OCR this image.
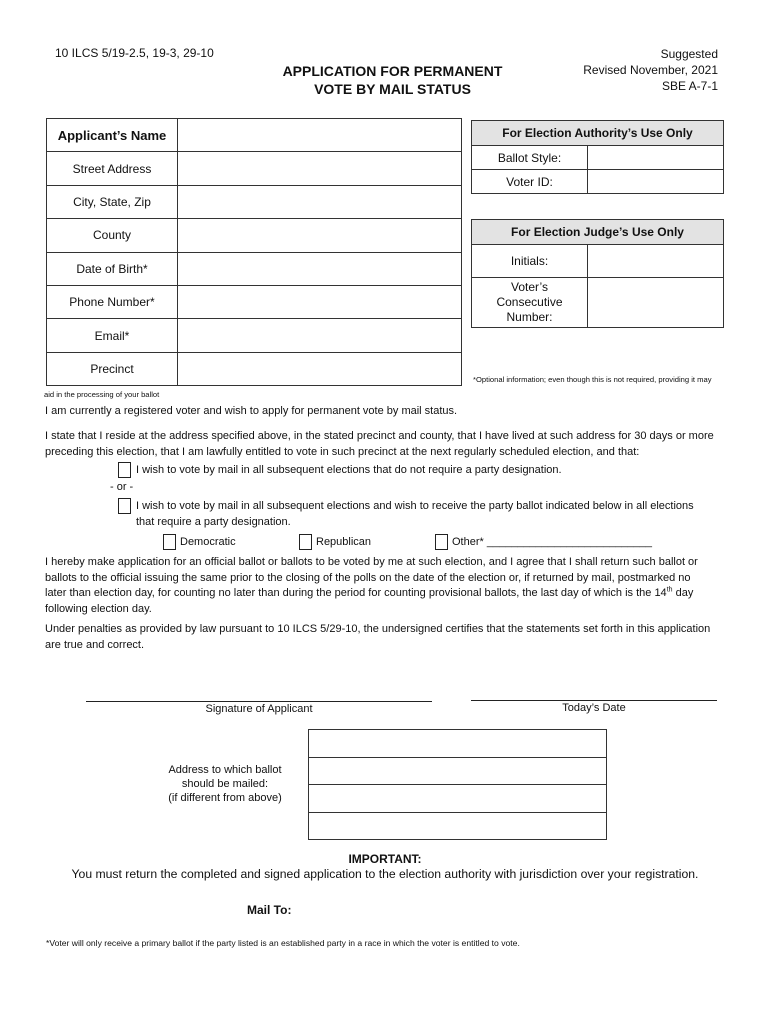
10 ILCS 5/19-2.5, 19-3, 29-10
APPLICATION FOR PERMANENT
VOTE BY MAIL STATUS
Suggested
Revised November, 2021
SBE A-7-1
Applicant’s Name	
Street Address	
City, State, Zip	
County	
Date of Birth*	
Phone Number*	
Email*	
Precinct	
For Election Authority’s Use Only	
Ballot Style:	
Voter ID:	
For Election Judge’s Use Only	
Initials:	

Voter’s
Consecutive
Number:

*Optional information; even though this is not required, providing it may
aid in the processing of your ballot

I am currently a registered voter and wish to apply for permanent vote by mail status.

I state that I reside at the address specified above, in the stated precinct and county, that I have lived at such address for 30 days or more
preceding this election, that I am lawfully entitled to vote in such precinct at the next regularly scheduled election, and that:

I wish to vote by mail in all subsequent elections that do not require a party designation.
- or -

I wish to vote by mail in all subsequent elections and wish to receive the party ballot indicated below in all elections
that require a party designation.

Democratic	Republican	Other* ___________________________

I hereby make application for an official ballot or ballots to be voted by me at such election, and I agree that I shall return such ballot or
ballots to the official issuing the same prior to the closing of the polls on the date of the election or, if returned by mail, postmarked no
later than election day, for counting no later than during the period for counting provisional ballots, the last day of which is the 14th day
following election day.

Under penalties as provided by law pursuant to 10 ILCS 5/29-10, the undersigned certifies that the statements set forth in this application
are true and correct.

Signature of Applicant	Today’s Date
Address to which ballot
should be mailed:
(if different from above)

IMPORTANT:
You must return the completed and signed application to the election authority with jurisdiction over your registration.
Mail To:
*Voter will only receive a primary ballot if the party listed is an established party in a race in which the voter is entitled to vote.
